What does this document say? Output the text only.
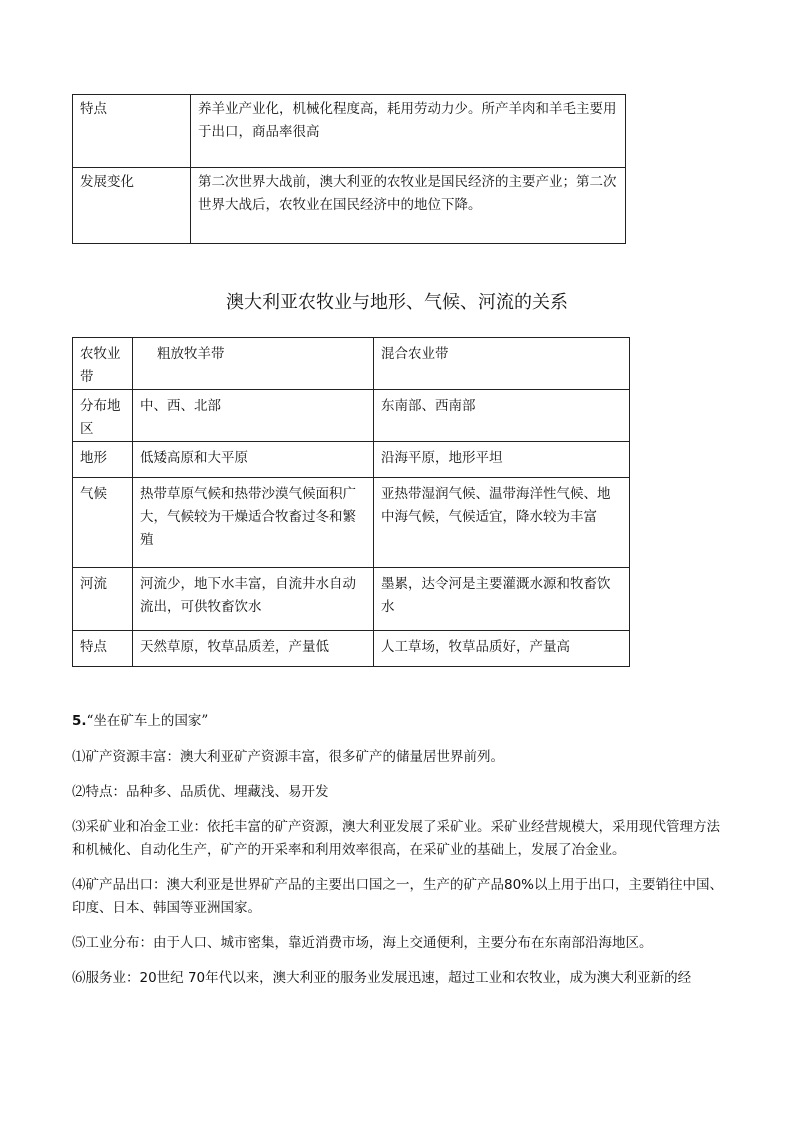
特点	养羊业产业化，机械化程度高，耗用劳动力少。所产羊肉和羊毛主要用于出口，商品率很高
发展变化	第二次世界大战前，澳大利亚的农牧业是国民经济的主要产业；第二次世界大战后，农牧业在国民经济中的地位下降。
澳大利亚农牧业与地形、气候、河流的关系
农牧业带	粗放牧羊带	混合农业带
分布地区	中、西、北部	东南部、西南部
地形	低矮高原和大平原	沿海平原，地形平坦
气候	热带草原气候和热带沙漠气候面积广大，气候较为干燥适合牧畜过冬和繁殖	亚热带湿润气候、温带海洋性气候、地中海气候，气候适宜，降水较为丰富
河流	河流少，地下水丰富，自流井水自动流出，可供牧畜饮水	墨累，达令河是主要灌溉水源和牧畜饮水
特点	天然草原，牧草品质差，产量低	人工草场，牧草品质好，产量高
5.“坐在矿车上的国家”

⑴矿产资源丰富：澳大利亚矿产资源丰富，很多矿产的储量居世界前列。

⑵特点：品种多、品质优、埋藏浅、易开发

⑶采矿业和冶金工业：依托丰富的矿产资源，澳大利亚发展了采矿业。采矿业经营规模大，采用现代管理方法和机械化、自动化生产，矿产的开采率和利用效率很高，在采矿业的基础上，发展了冶金业。

⑷矿产品出口：澳大利亚是世界矿产品的主要出口国之一，生产的矿产品80%以上用于出口，主要销往中国、印度、日本、韩国等亚洲国家。

⑸工业分布：由于人口、城市密集，靠近消费市场，海上交通便利，主要分布在东南部沿海地区。

⑹服务业：20世纪 70年代以来，澳大利亚的服务业发展迅速，超过工业和农牧业，成为澳大利亚新的经
